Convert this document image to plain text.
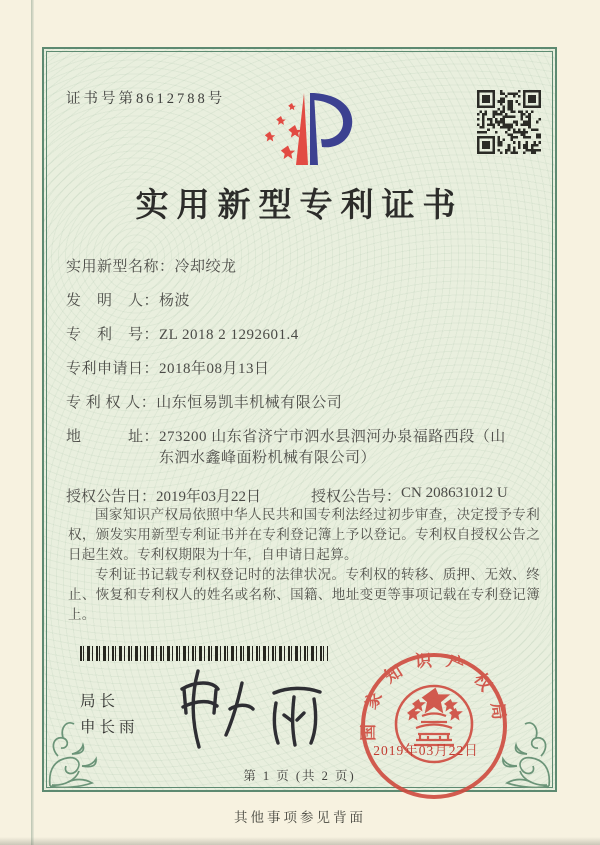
证书号第8612788号
实用新型专利证书
实用新型名称：冷却绞龙
发　明　人：杨波
专　利　号：ZL 2018 2 1292601.4
专利申请日：2018年08月13日
专 利 权 人：山东恒易凯丰机械有限公司
地　　　址：273200 山东省济宁市泗水县泗河办泉福路西段（山东泗水鑫峰面粉机械有限公司）
授权公告日： 2019年03月22日	授权公告号： CN 208631012 U

国家知识产权局依照中华人民共和国专利法经过初步审查，决定授予专利权，颁发实用新型专利证书并在专利登记簿上予以登记。专利权自授权公告之日起生效。专利权期限为十年，自申请日起算。

专利证书记载专利权登记时的法律状况。专利权的转移、质押、无效、终止、恢复和专利权人的姓名或名称、国籍、地址变更等事项记载在专利登记簿上。

局长
申长雨	国家知识产权局
2019年03月22日
第 1 页 (共 2 页)
其他事项参见背面
